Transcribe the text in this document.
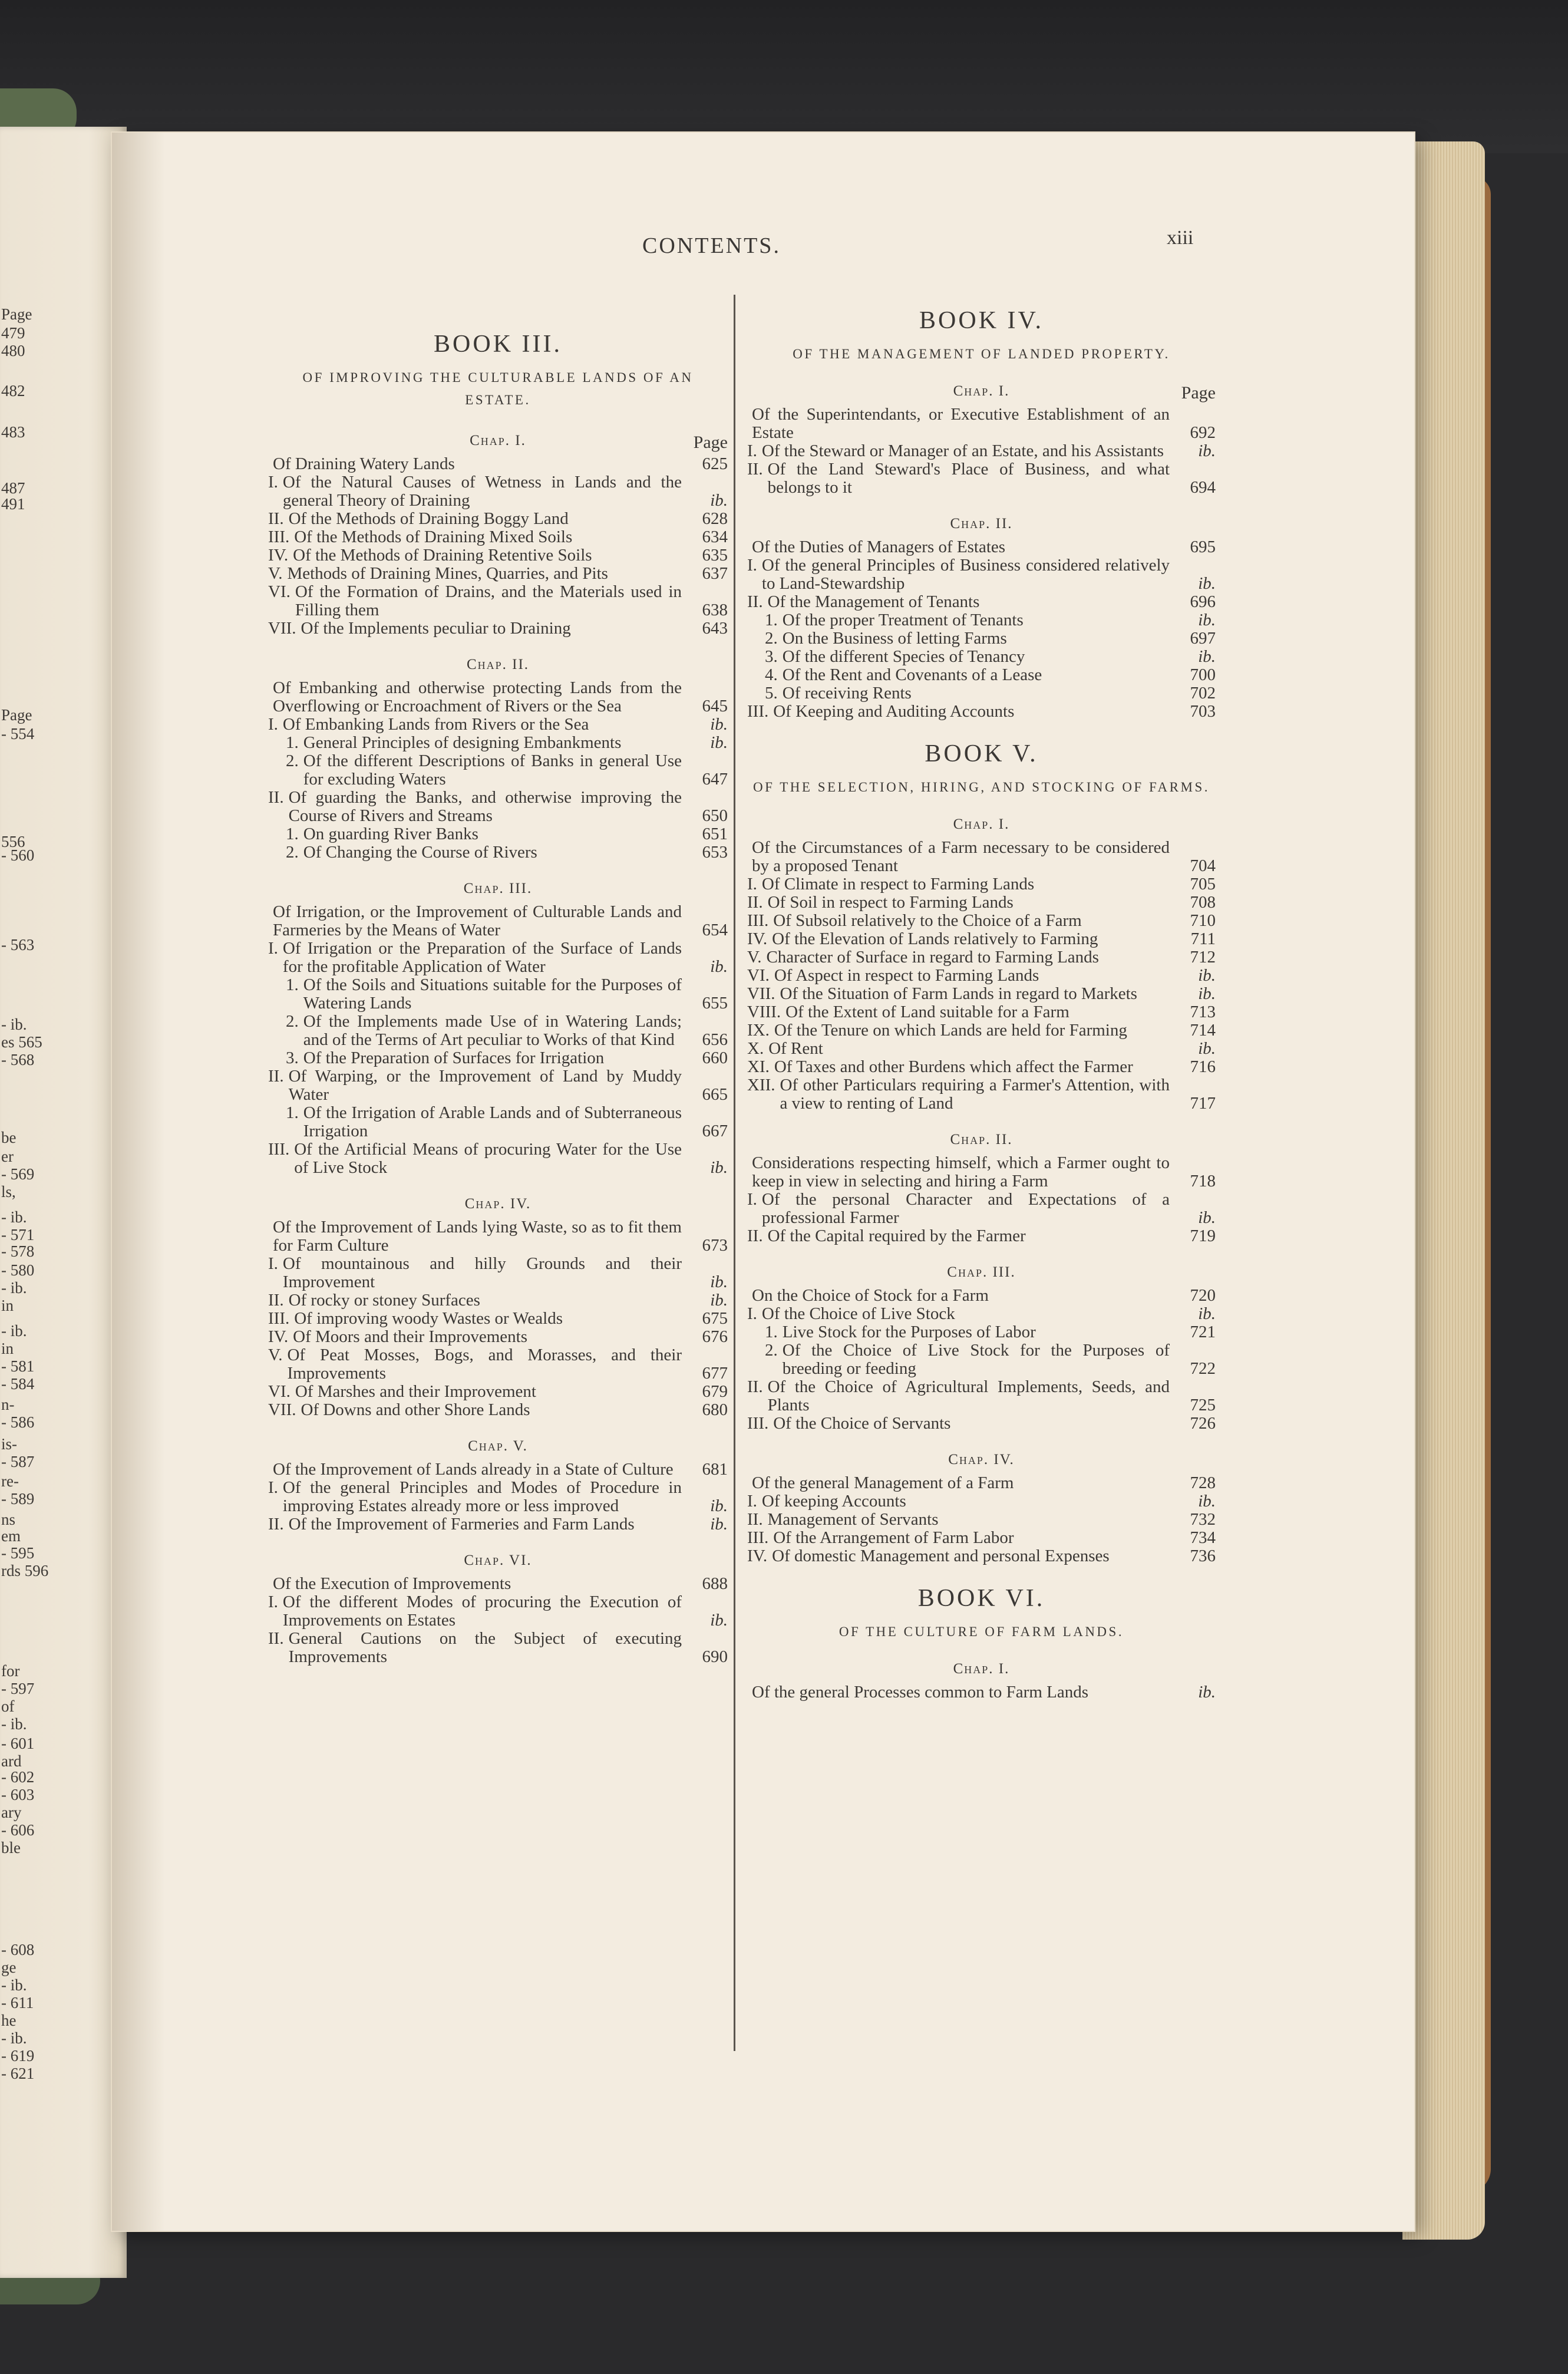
Page
479
480
482
483
487
491
Page
- 554
556
- 560
- 563
- ib.
es 565
- 568
be
er
- 569
ls,
- ib.
- 571
- 578
- 580
- ib.
in
- ib.
in
- 581
- 584
n-
- 586
is-
- 587
re-
- 589
ns
em
- 595
rds 596
for
- 597
of
- ib.
- 601
ard
- 602
- 603
ary
- 606
ble
- 608
ge
- ib.
- 611
he
- ib.
- 619
- 621
CONTENTS.	xiii
BOOK III.
OF IMPROVING THE CULTURABLE LANDS OF AN ESTATE.
Chap. I.	Page
Of Draining Watery Lands	625
I. Of the Natural Causes of Wetness in Lands and the general Theory of Draining	ib.
II. Of the Methods of Draining Boggy Land	628
III. Of the Methods of Draining Mixed Soils	634
IV. Of the Methods of Draining Retentive Soils	635
V. Methods of Draining Mines, Quarries, and Pits	637
VI. Of the Formation of Drains, and the Materials used in Filling them	638
VII. Of the Implements peculiar to Draining	643
Chap. II.
Of Embanking and otherwise protecting Lands from the Overflowing or Encroachment of Rivers or the Sea	645
I. Of Embanking Lands from Rivers or the Sea	ib.
1. General Principles of designing Embankments	ib.
2. Of the different Descriptions of Banks in general Use for excluding Waters	647
II. Of guarding the Banks, and otherwise improving the Course of Rivers and Streams	650
1. On guarding River Banks	651
2. Of Changing the Course of Rivers	653
Chap. III.
Of Irrigation, or the Improvement of Culturable Lands and Farmeries by the Means of Water	654
I. Of Irrigation or the Preparation of the Surface of Lands for the profitable Application of Water	ib.
1. Of the Soils and Situations suitable for the Purposes of Watering Lands	655
2. Of the Implements made Use of in Watering Lands; and of the Terms of Art peculiar to Works of that Kind	656
3. Of the Preparation of Surfaces for Irrigation	660
II. Of Warping, or the Improvement of Land by Muddy Water	665
1. Of the Irrigation of Arable Lands and of Subterraneous Irrigation	667
III. Of the Artificial Means of procuring Water for the Use of Live Stock	ib.
Chap. IV.
Of the Improvement of Lands lying Waste, so as to fit them for Farm Culture	673
I. Of mountainous and hilly Grounds and their Improvement	ib.
II. Of rocky or stoney Surfaces	ib.
III. Of improving woody Wastes or Wealds	675
IV. Of Moors and their Improvements	676
V. Of Peat Mosses, Bogs, and Morasses, and their Improvements	677
VI. Of Marshes and their Improvement	679
VII. Of Downs and other Shore Lands	680
Chap. V.
Of the Improvement of Lands already in a State of Culture	681
I. Of the general Principles and Modes of Procedure in improving Estates already more or less improved	ib.
II. Of the Improvement of Farmeries and Farm Lands	ib.
Chap. VI.
Of the Execution of Improvements	688
I. Of the different Modes of procuring the Execution of Improvements on Estates	ib.
II. General Cautions on the Subject of executing Improvements	690
BOOK IV.
OF THE MANAGEMENT OF LANDED PROPERTY.
Chap. I.	Page
Of the Superintendants, or Executive Establishment of an Estate	692
I. Of the Steward or Manager of an Estate, and his Assistants	ib.
II. Of the Land Steward's Place of Business, and what belongs to it	694
Chap. II.
Of the Duties of Managers of Estates	695
I. Of the general Principles of Business considered relatively to Land-Stewardship	ib.
II. Of the Management of Tenants	696
1. Of the proper Treatment of Tenants	ib.
2. On the Business of letting Farms	697
3. Of the different Species of Tenancy	ib.
4. Of the Rent and Covenants of a Lease	700
5. Of receiving Rents	702
III. Of Keeping and Auditing Accounts	703
BOOK V.
OF THE SELECTION, HIRING, AND STOCKING OF FARMS.
Chap. I.
Of the Circumstances of a Farm necessary to be considered by a proposed Tenant	704
I. Of Climate in respect to Farming Lands	705
II. Of Soil in respect to Farming Lands	708
III. Of Subsoil relatively to the Choice of a Farm	710
IV. Of the Elevation of Lands relatively to Farming	711
V. Character of Surface in regard to Farming Lands	712
VI. Of Aspect in respect to Farming Lands	ib.
VII. Of the Situation of Farm Lands in regard to Markets	ib.
VIII. Of the Extent of Land suitable for a Farm	713
IX. Of the Tenure on which Lands are held for Farming	714
X. Of Rent	ib.
XI. Of Taxes and other Burdens which affect the Farmer	716
XII. Of other Particulars requiring a Farmer's Attention, with a view to renting of Land	717
Chap. II.
Considerations respecting himself, which a Farmer ought to keep in view in selecting and hiring a Farm	718
I. Of the personal Character and Expectations of a professional Farmer	ib.
II. Of the Capital required by the Farmer	719
Chap. III.
On the Choice of Stock for a Farm	720
I. Of the Choice of Live Stock	ib.
1. Live Stock for the Purposes of Labor	721
2. Of the Choice of Live Stock for the Purposes of breeding or feeding	722
II. Of the Choice of Agricultural Implements, Seeds, and Plants	725
III. Of the Choice of Servants	726
Chap. IV.
Of the general Management of a Farm	728
I. Of keeping Accounts	ib.
II. Management of Servants	732
III. Of the Arrangement of Farm Labor	734
IV. Of domestic Management and personal Expenses	736
BOOK VI.
OF THE CULTURE OF FARM LANDS.
Chap. I.
Of the general Processes common to Farm Lands	ib.
